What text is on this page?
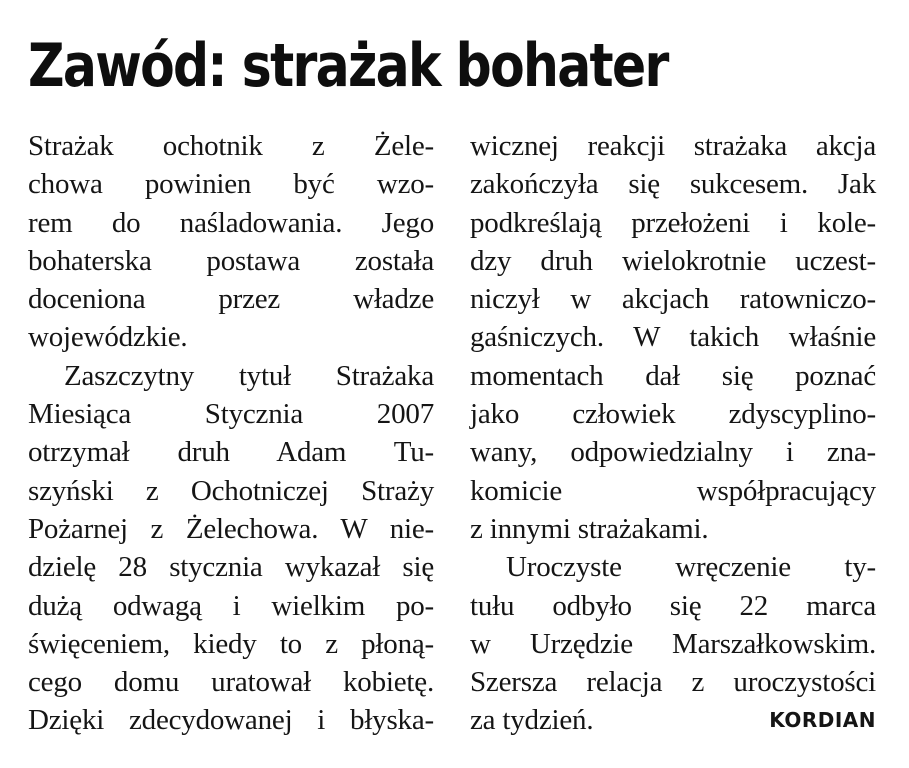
Zawód: strażak bohater
Strażak ochotnik z Żele-
chowa powinien być wzo-
rem do naśladowania. Jego
bohaterska postawa została
doceniona przez władze
wojewódzkie.
Zaszczytny tytuł Strażaka
Miesiąca Stycznia 2007
otrzymał druh Adam Tu-
szyński z Ochotniczej Straży
Pożarnej z Żelechowa. W nie-
dzielę 28 stycznia wykazał się
dużą odwagą i wielkim po-
święceniem, kiedy to z płoną-
cego domu uratował kobietę.
Dzięki zdecydowanej i błyska-
wicznej reakcji strażaka akcja
zakończyła się sukcesem. Jak
podkreślają przełożeni i kole-
dzy druh wielokrotnie uczest-
niczył w akcjach ratowniczo-
gaśniczych. W takich właśnie
momentach dał się poznać
jako człowiek zdyscyplino-
wany, odpowiedzialny i zna-
komicie współpracujący
z innymi strażakami.
Uroczyste wręczenie ty-
tułu odbyło się 22 marca
w Urzędzie Marszałkowskim.
Szersza relacja z uroczystości
za tydzień.	KORDIAN
